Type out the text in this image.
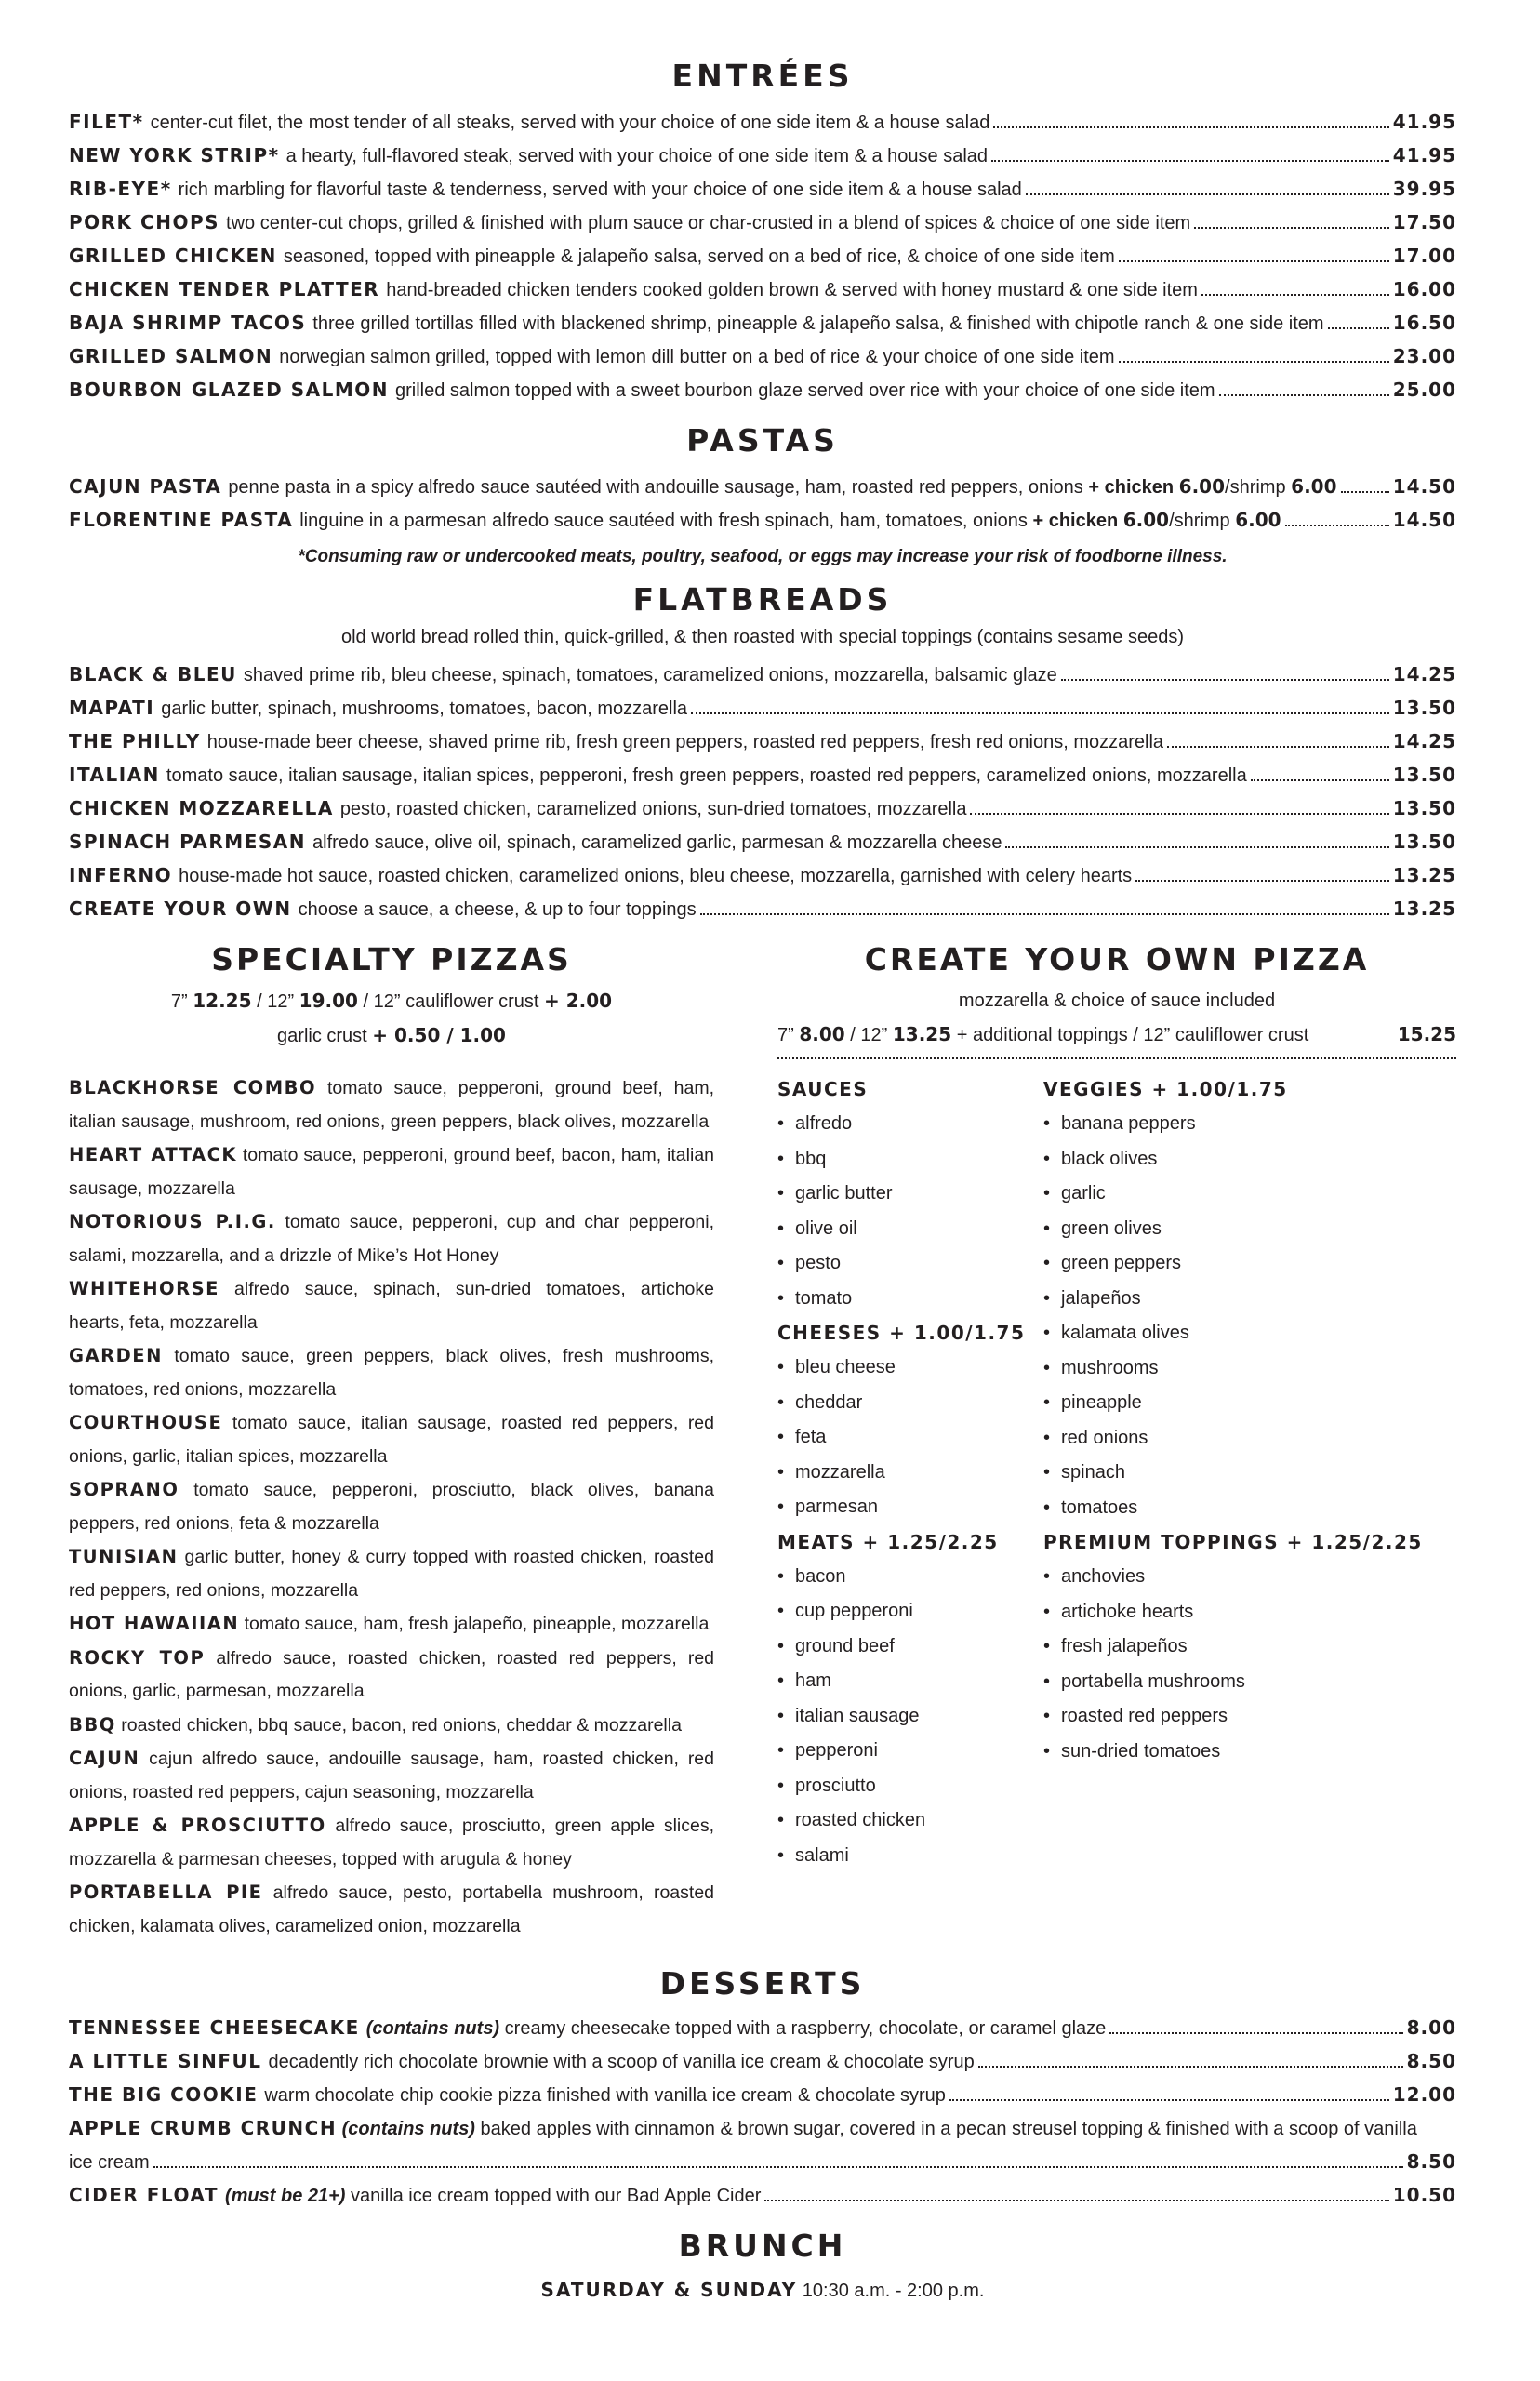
ENTRÉES
FILET* center-cut filet, the most tender of all steaks, served with your choice of one side item & a house salad	41.95
NEW YORK STRIP* a hearty, full-flavored steak, served with your choice of one side item & a house salad	41.95
RIB-EYE* rich marbling for flavorful taste & tenderness, served with your choice of one side item & a house salad	39.95
PORK CHOPS two center-cut chops, grilled & finished with plum sauce or char-crusted in a blend of spices & choice of one side item	17.50
GRILLED CHICKEN seasoned, topped with pineapple & jalapeño salsa, served on a bed of rice, & choice of one side item	17.00
CHICKEN TENDER PLATTER hand-breaded chicken tenders cooked golden brown & served with honey mustard & one side item	16.00
BAJA SHRIMP TACOS three grilled tortillas filled with blackened shrimp, pineapple & jalapeño salsa, & finished with chipotle ranch & one side item	16.50
GRILLED SALMON norwegian salmon grilled, topped with lemon dill butter on a bed of rice & your choice of one side item	23.00
BOURBON GLAZED SALMON grilled salmon topped with a sweet bourbon glaze served over rice with your choice of one side item	25.00
PASTAS
CAJUN PASTA penne pasta in a spicy alfredo sauce sautéed with andouille sausage, ham, roasted red peppers, onions + chicken 6.00/shrimp 6.00	14.50
FLORENTINE PASTA linguine in a parmesan alfredo sauce sautéed with fresh spinach, ham, tomatoes, onions + chicken 6.00/shrimp 6.00	14.50
*Consuming raw or undercooked meats, poultry, seafood, or eggs may increase your risk of foodborne illness.
FLATBREADS
old world bread rolled thin, quick-grilled, & then roasted with special toppings (contains sesame seeds)
BLACK & BLEU shaved prime rib, bleu cheese, spinach, tomatoes, caramelized onions, mozzarella, balsamic glaze	14.25
MAPATI garlic butter, spinach, mushrooms, tomatoes, bacon, mozzarella	13.50
THE PHILLY house-made beer cheese, shaved prime rib, fresh green peppers, roasted red peppers, fresh red onions, mozzarella	14.25
ITALIAN tomato sauce, italian sausage, italian spices, pepperoni, fresh green peppers, roasted red peppers, caramelized onions, mozzarella	13.50
CHICKEN MOZZARELLA pesto, roasted chicken, caramelized onions, sun-dried tomatoes, mozzarella	13.50
SPINACH PARMESAN alfredo sauce, olive oil, spinach, caramelized garlic, parmesan & mozzarella cheese	13.50
INFERNO house-made hot sauce, roasted chicken, caramelized onions, bleu cheese, mozzarella, garnished with celery hearts	13.25
CREATE YOUR OWN choose a sauce, a cheese, & up to four toppings	13.25
SPECIALTY PIZZAS
7” 12.25 / 12” 19.00 / 12” cauliflower crust + 2.00
garlic crust + 0.50 / 1.00
BLACKHORSE COMBO tomato sauce, pepperoni, ground beef, ham, italian sausage, mushroom, red onions, green peppers, black olives, mozzarella
HEART ATTACK tomato sauce, pepperoni, ground beef, bacon, ham, italian sausage, mozzarella
NOTORIOUS P.I.G. tomato sauce, pepperoni, cup and char pepperoni, salami, mozzarella, and a drizzle of Mike’s Hot Honey
WHITEHORSE alfredo sauce, spinach, sun-dried tomatoes, artichoke hearts, feta, mozzarella
GARDEN tomato sauce, green peppers, black olives, fresh mushrooms, tomatoes, red onions, mozzarella
COURTHOUSE tomato sauce, italian sausage, roasted red peppers, red onions, garlic, italian spices, mozzarella
SOPRANO tomato sauce, pepperoni, prosciutto, black olives, banana peppers, red onions, feta & mozzarella
TUNISIAN garlic butter, honey & curry topped with roasted chicken, roasted red peppers, red onions, mozzarella
HOT HAWAIIAN tomato sauce, ham, fresh jalapeño, pineapple, mozzarella
ROCKY TOP alfredo sauce, roasted chicken, roasted red peppers, red onions, garlic, parmesan, mozzarella
BBQ roasted chicken, bbq sauce, bacon, red onions, cheddar & mozzarella
CAJUN cajun alfredo sauce, andouille sausage, ham, roasted chicken, red onions, roasted red peppers, cajun seasoning, mozzarella
APPLE & PROSCIUTTO alfredo sauce, prosciutto, green apple slices, mozzarella & parmesan cheeses, topped with arugula & honey
PORTABELLA PIE alfredo sauce, pesto, portabella mushroom, roasted chicken, kalamata olives, caramelized onion, mozzarella
CREATE YOUR OWN PIZZA
mozzarella & choice of sauce included
7” 8.00 / 12” 13.25 + additional toppings / 12” cauliflower crust	15.25
SAUCES
• alfredo
• bbq
• garlic butter
• olive oil
• pesto
• tomato
CHEESES + 1.00/1.75
• bleu cheese
• cheddar
• feta
• mozzarella
• parmesan
MEATS + 1.25/2.25
• bacon
• cup pepperoni
• ground beef
• ham
• italian sausage
• pepperoni
• prosciutto
• roasted chicken
• salami
VEGGIES + 1.00/1.75
• banana peppers
• black olives
• garlic
• green olives
• green peppers
• jalapeños
• kalamata olives
• mushrooms
• pineapple
• red onions
• spinach
• tomatoes
PREMIUM TOPPINGS + 1.25/2.25
• anchovies
• artichoke hearts
• fresh jalapeños
• portabella mushrooms
• roasted red peppers
• sun-dried tomatoes
DESSERTS
TENNESSEE CHEESECAKE (contains nuts) creamy cheesecake topped with a raspberry, chocolate, or caramel glaze	8.00
A LITTLE SINFUL decadently rich chocolate brownie with a scoop of vanilla ice cream & chocolate syrup	8.50
THE BIG COOKIE warm chocolate chip cookie pizza finished with vanilla ice cream & chocolate syrup	12.00
APPLE CRUMB CRUNCH (contains nuts) baked apples with cinnamon & brown sugar, covered in a pecan streusel topping & finished with a scoop of vanilla
ice cream	8.50
CIDER FLOAT (must be 21+) vanilla ice cream topped with our Bad Apple Cider	10.50
BRUNCH
SATURDAY & SUNDAY 10:30 a.m. - 2:00 p.m.
